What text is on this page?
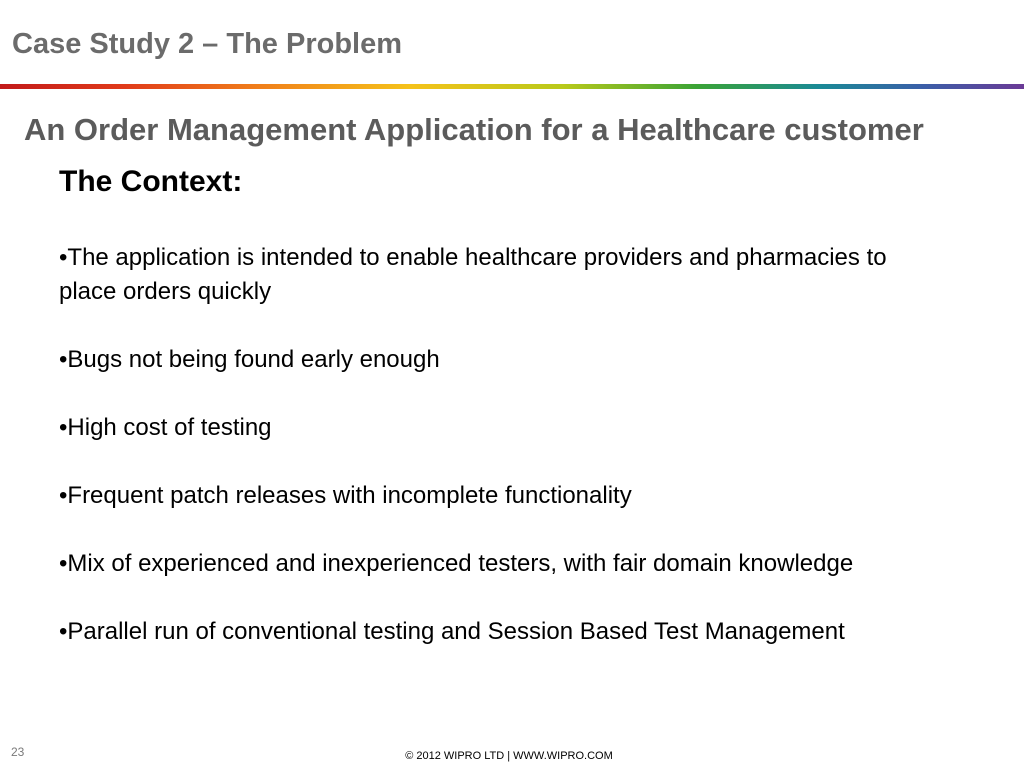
Case Study 2 – The Problem
An Order Management Application for a Healthcare customer
The Context:
•The application is intended to enable healthcare providers and pharmacies to place orders quickly
•Bugs not being found early enough
•High cost of testing
•Frequent patch releases with incomplete functionality
•Mix of experienced and inexperienced testers, with fair domain knowledge
•Parallel run of conventional testing and Session Based Test Management
23	© 2012 WIPRO LTD | WWW.WIPRO.COM
